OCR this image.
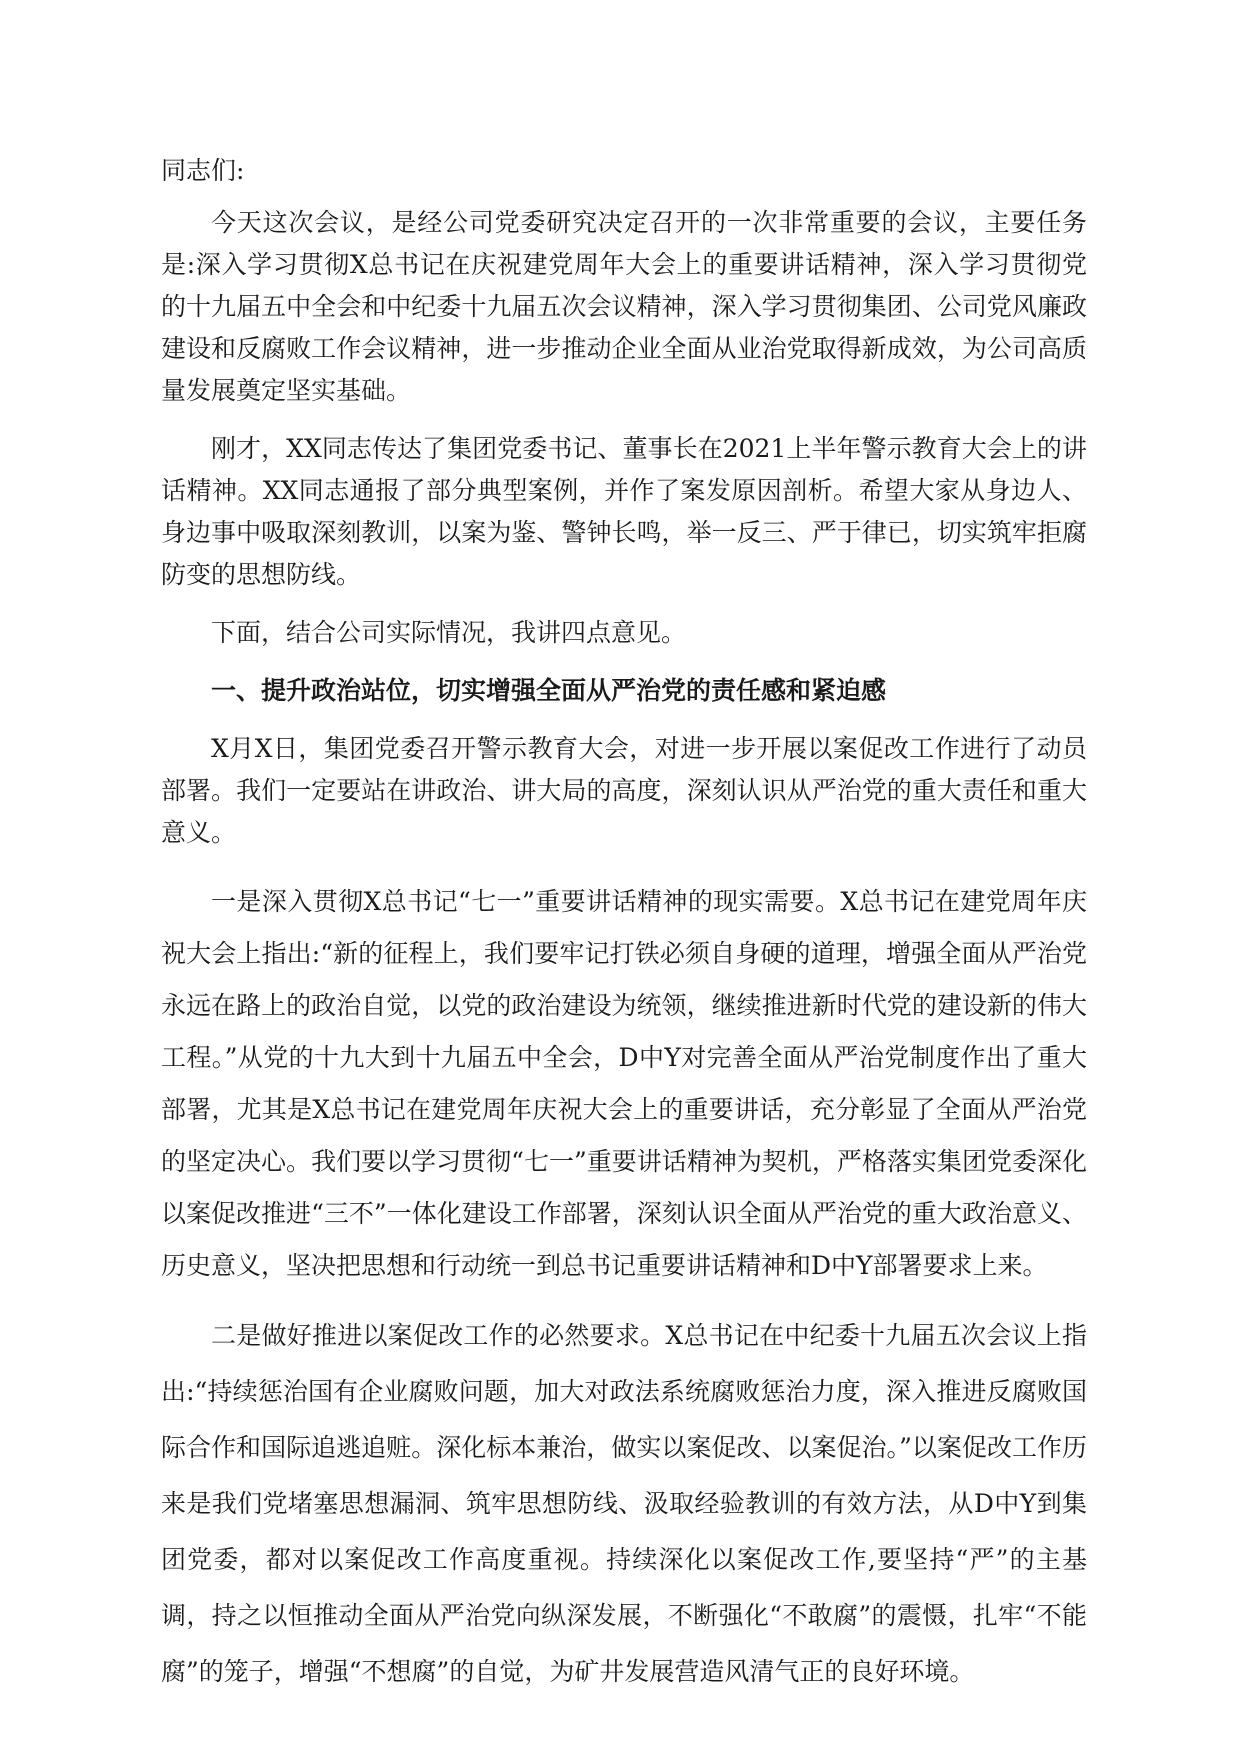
同志们:

今天这次会议，是经公司党委研究决定召开的一次非常重要的会议，主要任务是:深入学习贯彻X总书记在庆祝建党周年大会上的重要讲话精神，深入学习贯彻党的十九届五中全会和中纪委十九届五次会议精神，深入学习贯彻集团、公司党风廉政建设和反腐败工作会议精神，进一步推动企业全面从业治党取得新成效，为公司高质量发展奠定坚实基础。

刚才，XX同志传达了集团党委书记、董事长在2021上半年警示教育大会上的讲话精神。XX同志通报了部分典型案例，并作了案发原因剖析。希望大家从身边人、身边事中吸取深刻教训，以案为鉴、警钟长鸣，举一反三、严于律已，切实筑牢拒腐防变的思想防线。

下面，结合公司实际情况，我讲四点意见。

一、提升政治站位，切实增强全面从严治党的责任感和紧迫感

X月X日，集团党委召开警示教育大会，对进一步开展以案促改工作进行了动员部署。我们一定要站在讲政治、讲大局的高度，深刻认识从严治党的重大责任和重大意义。

一是深入贯彻X总书记“七一”重要讲话精神的现实需要。X总书记在建党周年庆祝大会上指出:“新的征程上，我们要牢记打铁必须自身硬的道理，增强全面从严治党永远在路上的政治自觉，以党的政治建设为统领，继续推进新时代党的建设新的伟大工程。”从党的十九大到十九届五中全会，D中Y对完善全面从严治党制度作出了重大部署，尤其是X总书记在建党周年庆祝大会上的重要讲话，充分彰显了全面从严治党的坚定决心。我们要以学习贯彻“七一”重要讲话精神为契机，严格落实集团党委深化以案促改推进“三不”一体化建设工作部署，深刻认识全面从严治党的重大政治意义、历史意义，坚决把思想和行动统一到总书记重要讲话精神和D中Y部署要求上来。

二是做好推进以案促改工作的必然要求。X总书记在中纪委十九届五次会议上指出:“持续惩治国有企业腐败问题，加大对政法系统腐败惩治力度，深入推进反腐败国际合作和国际追逃追赃。深化标本兼治，做实以案促改、以案促治。”以案促改工作历来是我们党堵塞思想漏洞、筑牢思想防线、汲取经验教训的有效方法，从D中Y到集团党委，都对以案促改工作高度重视。持续深化以案促改工作,要坚持“严”的主基调，持之以恒推动全面从严治党向纵深发展，不断强化“不敢腐”的震慑，扎牢“不能腐”的笼子，增强“不想腐”的自觉，为矿井发展营造风清气正的良好环境。
